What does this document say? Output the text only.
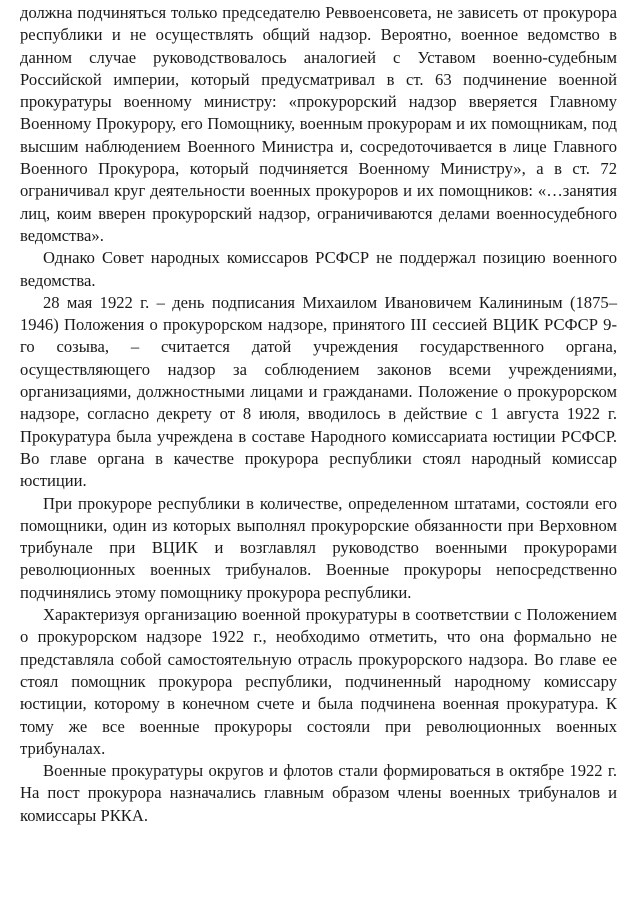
должна подчиняться только председателю Реввоенсовета, не зависеть от прокурора республики и не осуществлять общий надзор. Вероятно, военное ведомство в данном случае руководствовалось аналогией с Уставом военно-судебным Российской империи, который предусматривал в ст. 63 подчинение военной прокуратуры военному министру: «прокурорский надзор вверяется Главному Военному Прокурору, его Помощнику, военным прокурорам и их помощникам, под высшим наблюдением Военного Министра и, сосредоточивается в лице Главного Военного Прокурора, который подчиняется Военному Министру», а в ст. 72 ограничивал круг деятельности военных прокуроров и их помощников: «…занятия лиц, коим вверен прокурорский надзор, ограничиваются делами военносудебного ведомства».

Однако Совет народных комиссаров РСФСР не поддержал позицию военного ведомства.

28 мая 1922 г. – день подписания Михаилом Ивановичем Калининым (1875–1946) Положения о прокурорском надзоре, принятого III сессией ВЦИК РСФСР 9-го созыва, – считается датой учреждения государственного органа, осуществляющего надзор за соблюдением законов всеми учреждениями, организациями, должностными лицами и гражданами. Положение о прокурорском надзоре, согласно декрету от 8 июля, вводилось в действие с 1 августа 1922 г. Прокуратура была учреждена в составе Народного комиссариата юстиции РСФСР. Во главе органа в качестве прокурора республики стоял народный комиссар юстиции.

При прокуроре республики в количестве, определенном штатами, состояли его помощники, один из которых выполнял прокурорские обязанности при Верховном трибунале при ВЦИК и возглавлял руководство военными прокурорами революционных военных трибуналов. Военные прокуроры непосредственно подчинялись этому помощнику прокурора республики.

Характеризуя организацию военной прокуратуры в соответствии с Положением о прокурорском надзоре 1922 г., необходимо отметить, что она формально не представляла собой самостоятельную отрасль прокурорского надзора. Во главе ее стоял помощник прокурора республики, подчиненный народному комиссару юстиции, которому в конечном счете и была подчинена военная прокуратура. К тому же все военные прокуроры состояли при революционных военных трибуналах.

Военные прокуратуры округов и флотов стали формироваться в октябре 1922 г. На пост прокурора назначались главным образом члены военных трибуналов и комиссары РККА.
